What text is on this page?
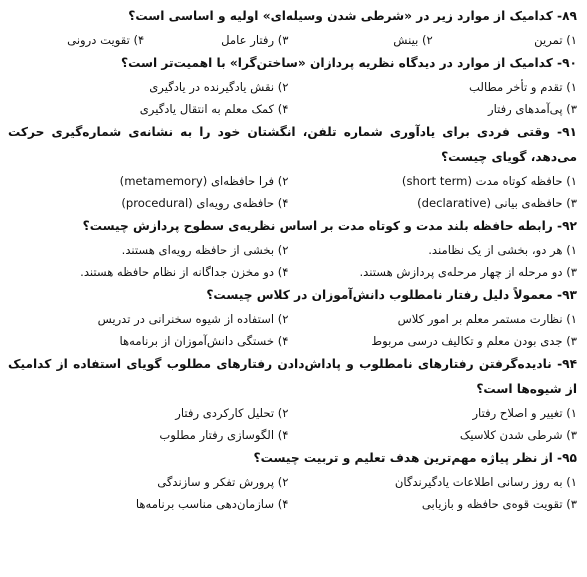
۸۹- کدامیک از موارد زیر در «شرطی شدن وسیله‌ای» اولیه و اساسی است؟

۱) تمرین
۲) بینش
۳) رفتار عامل
۴) تقویت درونی

۹۰- کدامیک از موارد در دیدگاه نظریه پردازان «ساختن‌گرا» با اهمیت‌تر است؟

۱) تقدم و تأخر مطالب
۲) نقش یادگیرنده در یادگیری
۳) پی‌آمدهای رفتار
۴) کمک معلم به انتقال یادگیری

۹۱- وقتی فردی برای یادآوری شماره تلفن، انگشتان خود را به نشانه‌ی شماره‌گیری حرکت می‌دهد، گویای چیست؟

۱) حافظه کوتاه مدت (short term)
۲) فرا حافظه‌ای (metamemory)
۳) حافظه‌ی بیانی (declarative)
۴) حافظه‌ی رویه‌ای (procedural)

۹۲- رابطه حافظه بلند مدت و کوتاه مدت بر اساس نظریه‌ی سطوح پردازش چیست؟

۱) هر دو، بخشی از یک نظامند.
۲) بخشی از حافظه رویه‌ای هستند.
۳) دو مرحله از چهار مرحله‌ی پردازش هستند.
۴) دو مخزن جداگانه از نظام حافظه هستند.

۹۳- معمولاً دلیل رفتار نامطلوب دانش‌آموزان در کلاس چیست؟

۱) نظارت مستمر معلم بر امور کلاس
۲) استفاده از شیوه سخنرانی در تدریس
۳) جدی بودن معلم و تکالیف درسی مربوط
۴) خستگی دانش‌آموزان از برنامه‌ها

۹۴- نادیده‌گرفتن رفتارهای نامطلوب و پاداش‌دادن رفتارهای مطلوب گویای استفاده از کدامیک از شیوه‌ها است؟

۱) تغییر و اصلاح رفتار
۲) تحلیل کارکردی رفتار
۳) شرطی شدن کلاسیک
۴) الگوسازی رفتار مطلوب

۹۵- از نظر پیاژه مهم‌ترین هدف تعلیم و تربیت چیست؟

۱) به روز رسانی اطلاعات یادگیرندگان
۲) پرورش تفکر و سازندگی
۳) تقویت قوه‌ی حافظه و بازیابی
۴) سازمان‌دهی مناسب برنامه‌ها
